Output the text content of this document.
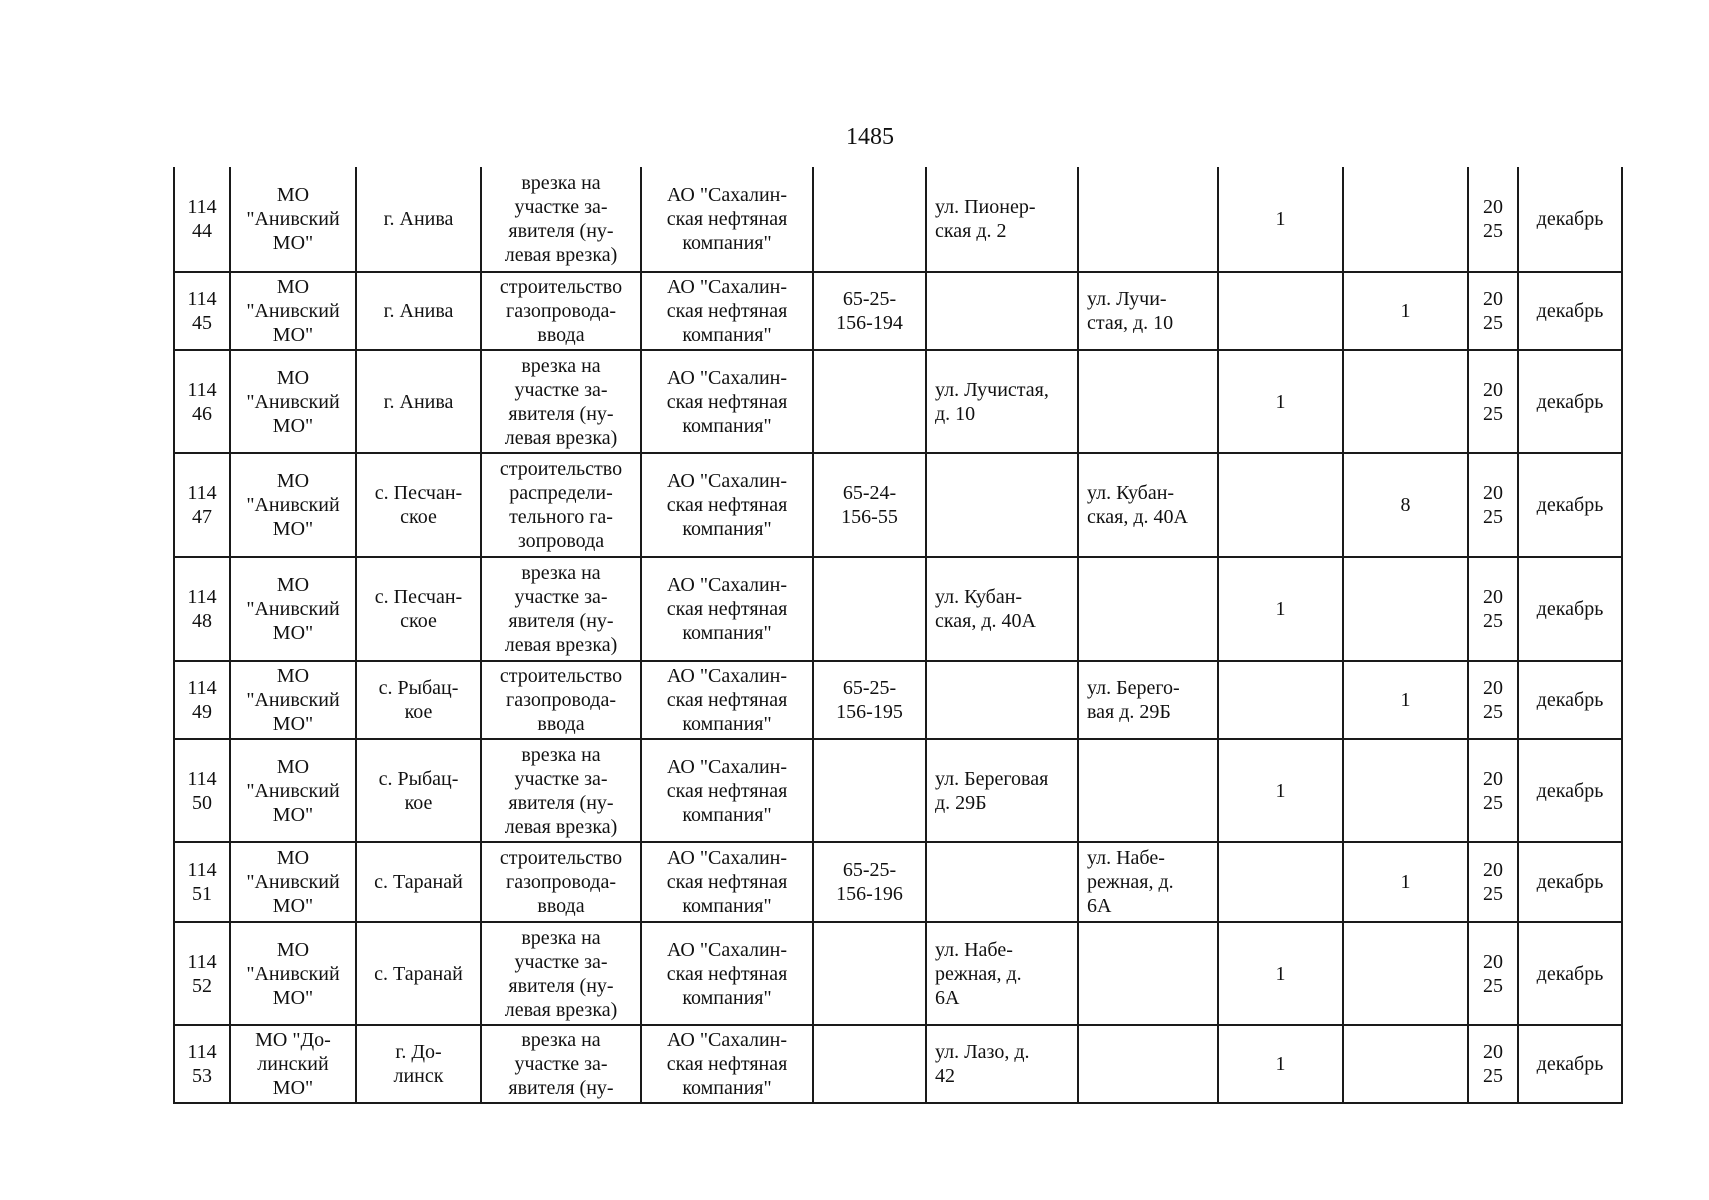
1485
114
44	МО
"Анивский
МО"	г. Анива	врезка на
участке за-
явителя (ну-
левая врезка)	АО "Сахалин-
ская нефтяная
компания"		ул. Пионер-
ская д. 2		1		20
25	декабрь

114
45	МО
"Анивский
МО"	г. Анива	строительство
газопровода-
ввода	АО "Сахалин-
ская нефтяная
компания"	65-25-
156-194		ул. Лучи-
стая, д. 10		1	20
25	декабрь

114
46	МО
"Анивский
МО"	г. Анива	врезка на
участке за-
явителя (ну-
левая врезка)	АО "Сахалин-
ская нефтяная
компания"		ул. Лучистая,
д. 10		1		20
25	декабрь

114
47	МО
"Анивский
МО"	с. Песчан-
ское	строительство
распредели-
тельного га-
зопровода	АО "Сахалин-
ская нефтяная
компания"	65-24-
156-55		ул. Кубан-
ская, д. 40А		8	20
25	декабрь

114
48	МО
"Анивский
МО"	с. Песчан-
ское	врезка на
участке за-
явителя (ну-
левая врезка)	АО "Сахалин-
ская нефтяная
компания"		ул. Кубан-
ская, д. 40А		1		20
25	декабрь

114
49	МО
"Анивский
МО"	с. Рыбац-
кое	строительство
газопровода-
ввода	АО "Сахалин-
ская нефтяная
компания"	65-25-
156-195		ул. Берего-
вая д. 29Б		1	20
25	декабрь

114
50	МО
"Анивский
МО"	с. Рыбац-
кое	врезка на
участке за-
явителя (ну-
левая врезка)	АО "Сахалин-
ская нефтяная
компания"		ул. Береговая
д. 29Б		1		20
25	декабрь

114
51	МО
"Анивский
МО"	с. Таранай	строительство
газопровода-
ввода	АО "Сахалин-
ская нефтяная
компания"	65-25-
156-196		ул. Набе-
режная, д.
6А		1	20
25	декабрь

114
52	МО
"Анивский
МО"	с. Таранай	врезка на
участке за-
явителя (ну-
левая врезка)	АО "Сахалин-
ская нефтяная
компания"		ул. Набе-
режная, д.
6А		1		20
25	декабрь

114
53	МО "До-
линский
МО"	г. До-
линск	врезка на
участке за-
явителя (ну-	АО "Сахалин-
ская нефтяная
компания"		ул. Лазо, д.
42		1		20
25	декабрь
